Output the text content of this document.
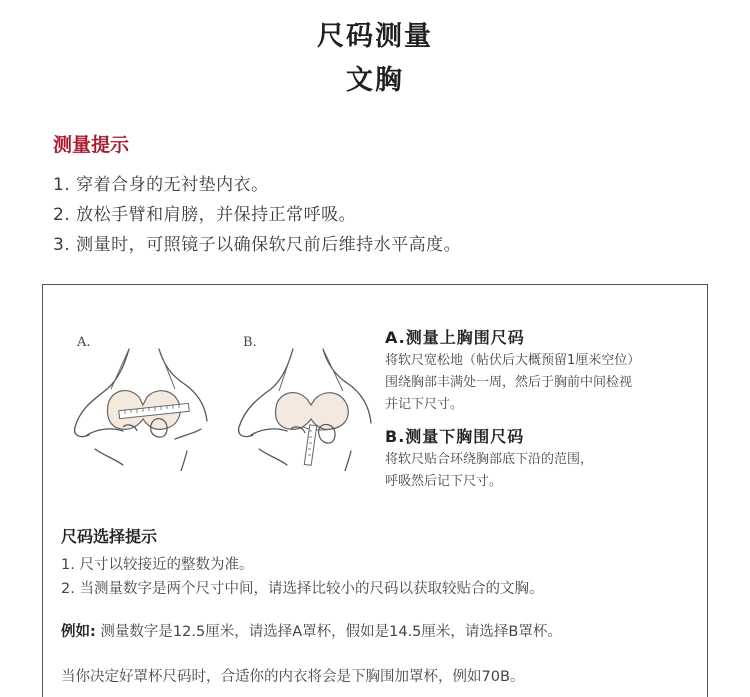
尺码测量
文胸
测量提示
1. 穿着合身的无衬垫内衣。
2. 放松手臂和肩膀，并保持正常呼吸。
3. 测量时，可照镜子以确保软尺前后维持水平高度。
A.	B.	A.测量上胸围尺码
将软尺宽松地（帖伏后大概预留1厘米空位）
围绕胸部丰满处一周，然后于胸前中间检视
并记下尺寸。
B.测量下胸围尺码
将软尺贴合环绕胸部底下沿的范围，
呼吸然后记下尺寸。
尺码选择提示
1. 尺寸以较接近的整数为准。
2. 当测量数字是两个尺寸中间，请选择比较小的尺码以获取较贴合的文胸。
例如: 测量数字是12.5厘米，请选择A罩杯，假如是14.5厘米，请选择B罩杯。
当你决定好罩杯尺码时，合适你的内衣将会是下胸围加罩杯，例如70B。
